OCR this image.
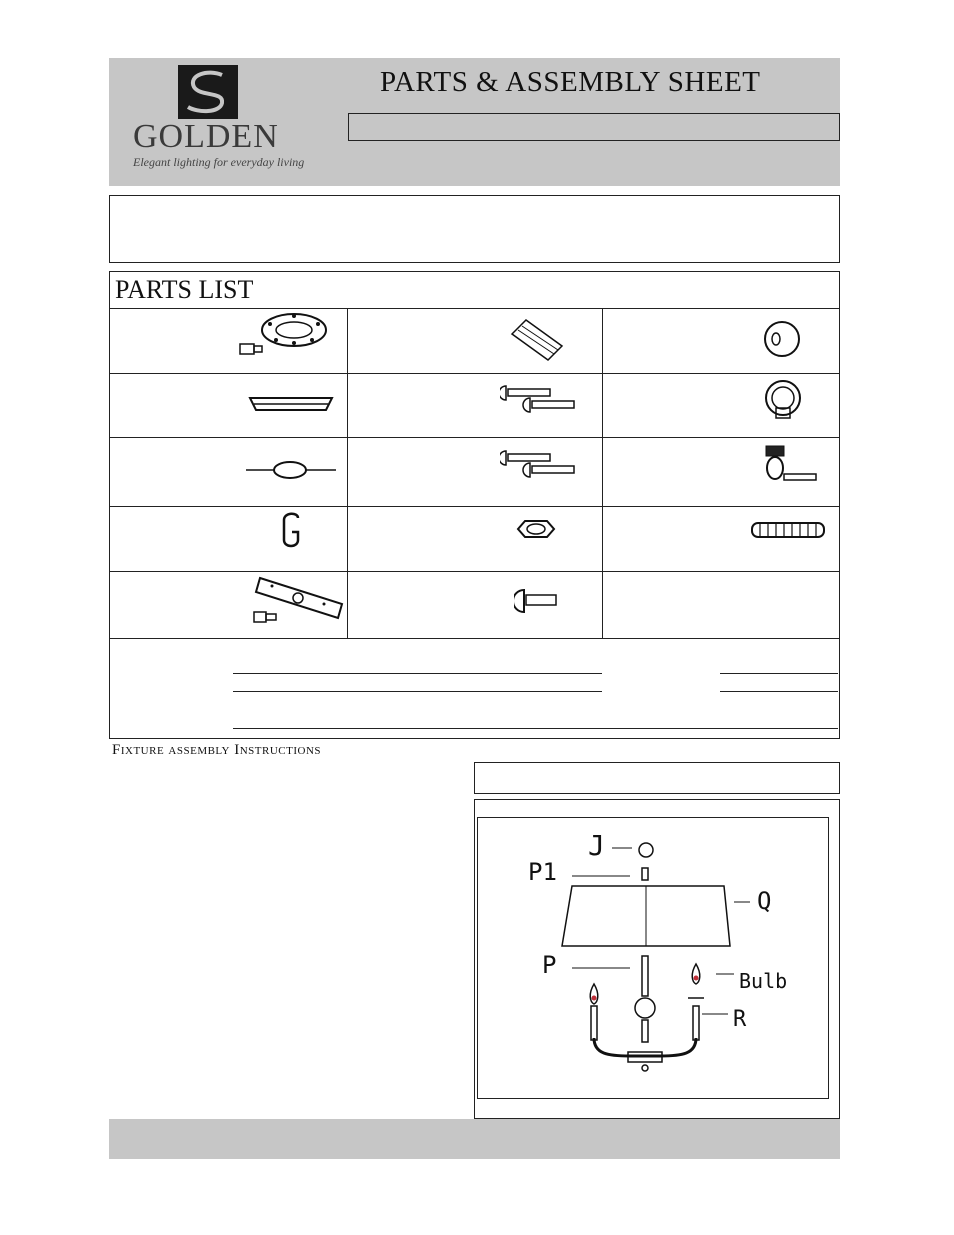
GOLDEN
Elegant lighting for everyday living
PARTS & ASSEMBLY SHEET
PARTS LIST
Fixture assembly Instructions
J
P1
Q
P
Bulb
R
